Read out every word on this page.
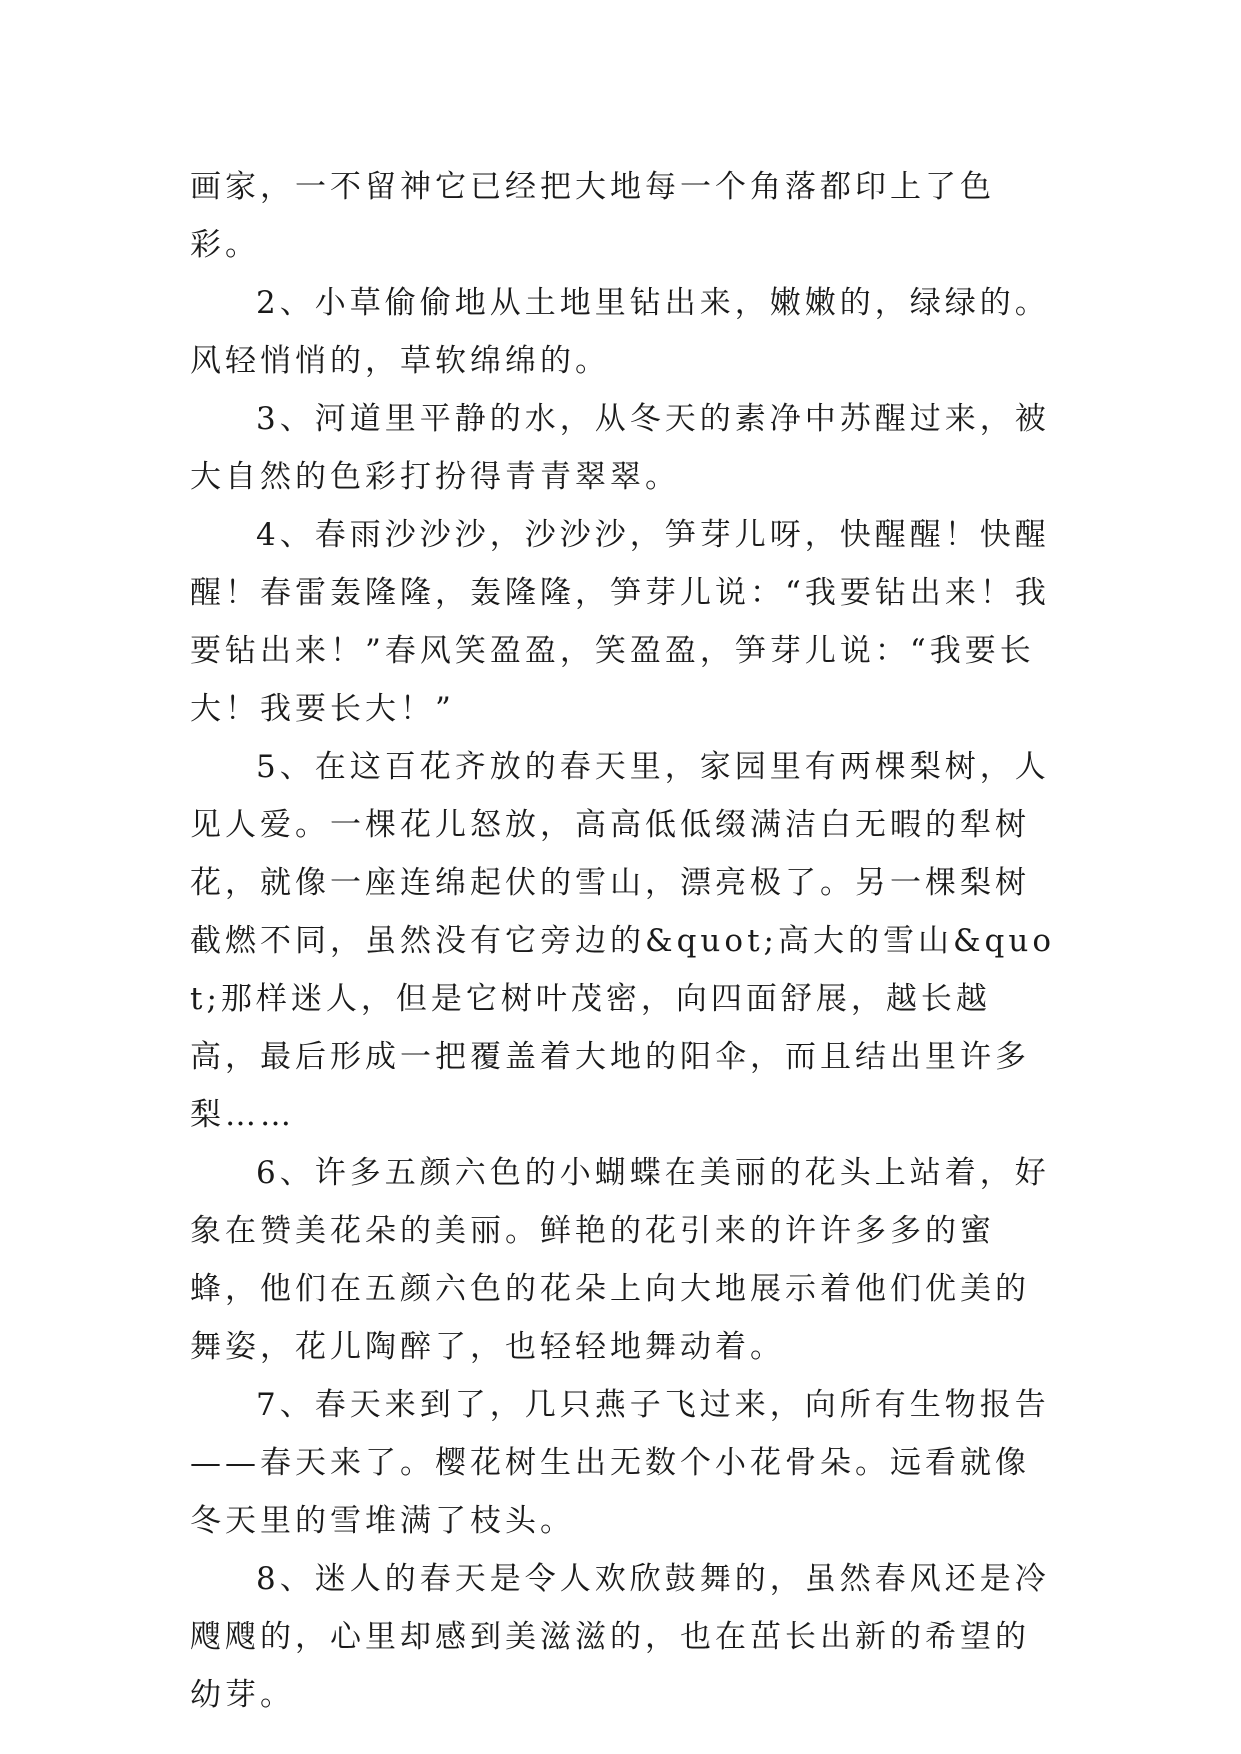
画家，一不留神它已经把大地每一个角落都印上了色彩。

2、小草偷偷地从土地里钻出来，嫩嫩的，绿绿的。风轻悄悄的，草软绵绵的。

3、河道里平静的水，从冬天的素净中苏醒过来，被大自然的色彩打扮得青青翠翠。

4、春雨沙沙沙，沙沙沙，笋芽儿呀，快醒醒！快醒醒！春雷轰隆隆，轰隆隆，笋芽儿说：“我要钻出来！我要钻出来！”春风笑盈盈，笑盈盈，笋芽儿说：“我要长大！我要长大！”

5、在这百花齐放的春天里，家园里有两棵梨树，人见人爱。一棵花儿怒放，高高低低缀满洁白无暇的犁树花，就像一座连绵起伏的雪山，漂亮极了。另一棵梨树截燃不同，虽然没有它旁边的&quot;高大的雪山&quot;那样迷人，但是它树叶茂密，向四面舒展，越长越高，最后形成一把覆盖着大地的阳伞，而且结出里许多梨……

6、许多五颜六色的小蝴蝶在美丽的花头上站着，好象在赞美花朵的美丽。鲜艳的花引来的许许多多的蜜蜂，他们在五颜六色的花朵上向大地展示着他们优美的舞姿，花儿陶醉了，也轻轻地舞动着。

7、春天来到了，几只燕子飞过来，向所有生物报告——春天来了。樱花树生出无数个小花骨朵。远看就像冬天里的雪堆满了枝头。

8、迷人的春天是令人欢欣鼓舞的，虽然春风还是冷飕飕的，心里却感到美滋滋的，也在茁长出新的希望的幼芽。
